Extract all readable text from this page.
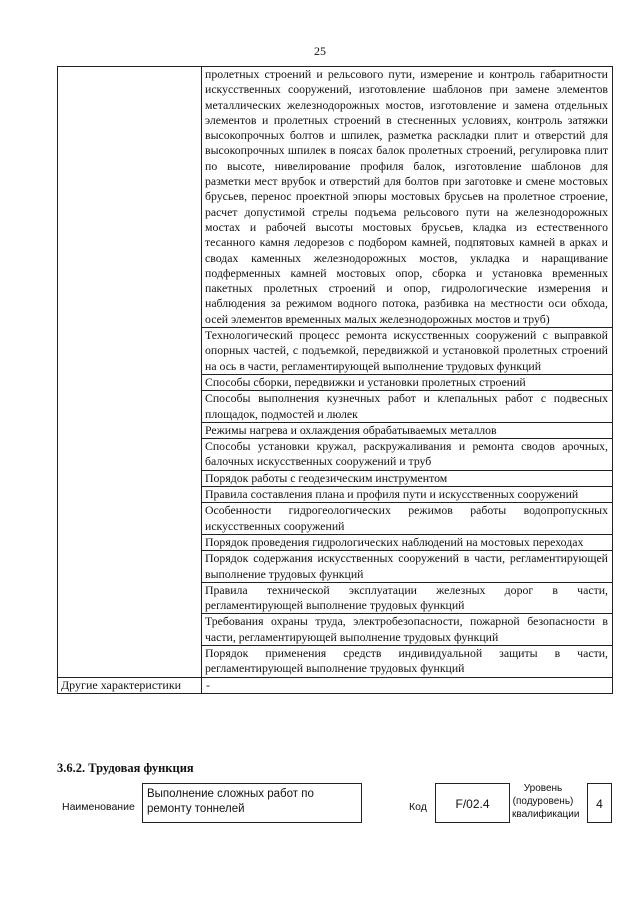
25

	пролетных строений и рельсового пути, измерение и контроль габаритности искусственных сооружений, изготовление шаблонов при замене элементов металлических железнодорожных мостов, изготовление и замена отдельных элементов и пролетных строений в стесненных условиях, контроль затяжки высокопрочных болтов и шпилек, разметка раскладки плит и отверстий для высокопрочных шпилек в поясах балок пролетных строений, регулировка плит по высоте, нивелирование профиля балок, изготовление шаблонов для разметки мест врубок и отверстий для болтов при заготовке и смене мостовых брусьев, перенос проектной эпюры мостовых брусьев на пролетное строение, расчет допустимой стрелы подъема рельсового пути на железнодорожных мостах и рабочей высоты мостовых брусьев, кладка из естественного тесанного камня ледорезов с подбором камней, подпятовых камней в арках и сводах каменных железнодорожных мостов, укладка и наращивание подферменных камней мостовых опор, сборка и установка временных пакетных пролетных строений и опор, гидрологические измерения и наблюдения за режимом водного потока, разбивка на местности оси обхода, осей элементов временных малых железнодорожных мостов и труб)

	Технологический процесс ремонта искусственных сооружений с выправкой опорных частей, с подъемкой, передвижкой и установкой пролетных строений на ось в части, регламентирующей выполнение трудовых функций

	Способы сборки, передвижки и установки пролетных строений

	Способы выполнения кузнечных работ и клепальных работ с подвесных площадок, подмостей и люлек

	Режимы нагрева и охлаждения обрабатываемых металлов

	Способы установки кружал, раскружаливания и ремонта сводов арочных, балочных искусственных сооружений и труб

	Порядок работы с геодезическим инструментом

	Правила составления плана и профиля пути и искусственных сооружений

	Особенности гидрогеологических режимов работы водопропускных искусственных сооружений

	Порядок проведения гидрологических наблюдений на мостовых переходах

	Порядок содержания искусственных сооружений в части, регламентирующей выполнение трудовых функций

	Правила технической эксплуатации железных дорог в части, регламентирующей выполнение трудовых функций

	Требования охраны труда, электробезопасности, пожарной безопасности в части, регламентирующей выполнение трудовых функций

	Порядок применения средств индивидуальной защиты в части, регламентирующей выполнение трудовых функций

Другие характеристики	-
3.6.2. Трудовая функция
Наименование
Выполнение сложных работ по ремонту тоннелей	Код	F/02.4
Уровень (подуровень) квалификации
4
